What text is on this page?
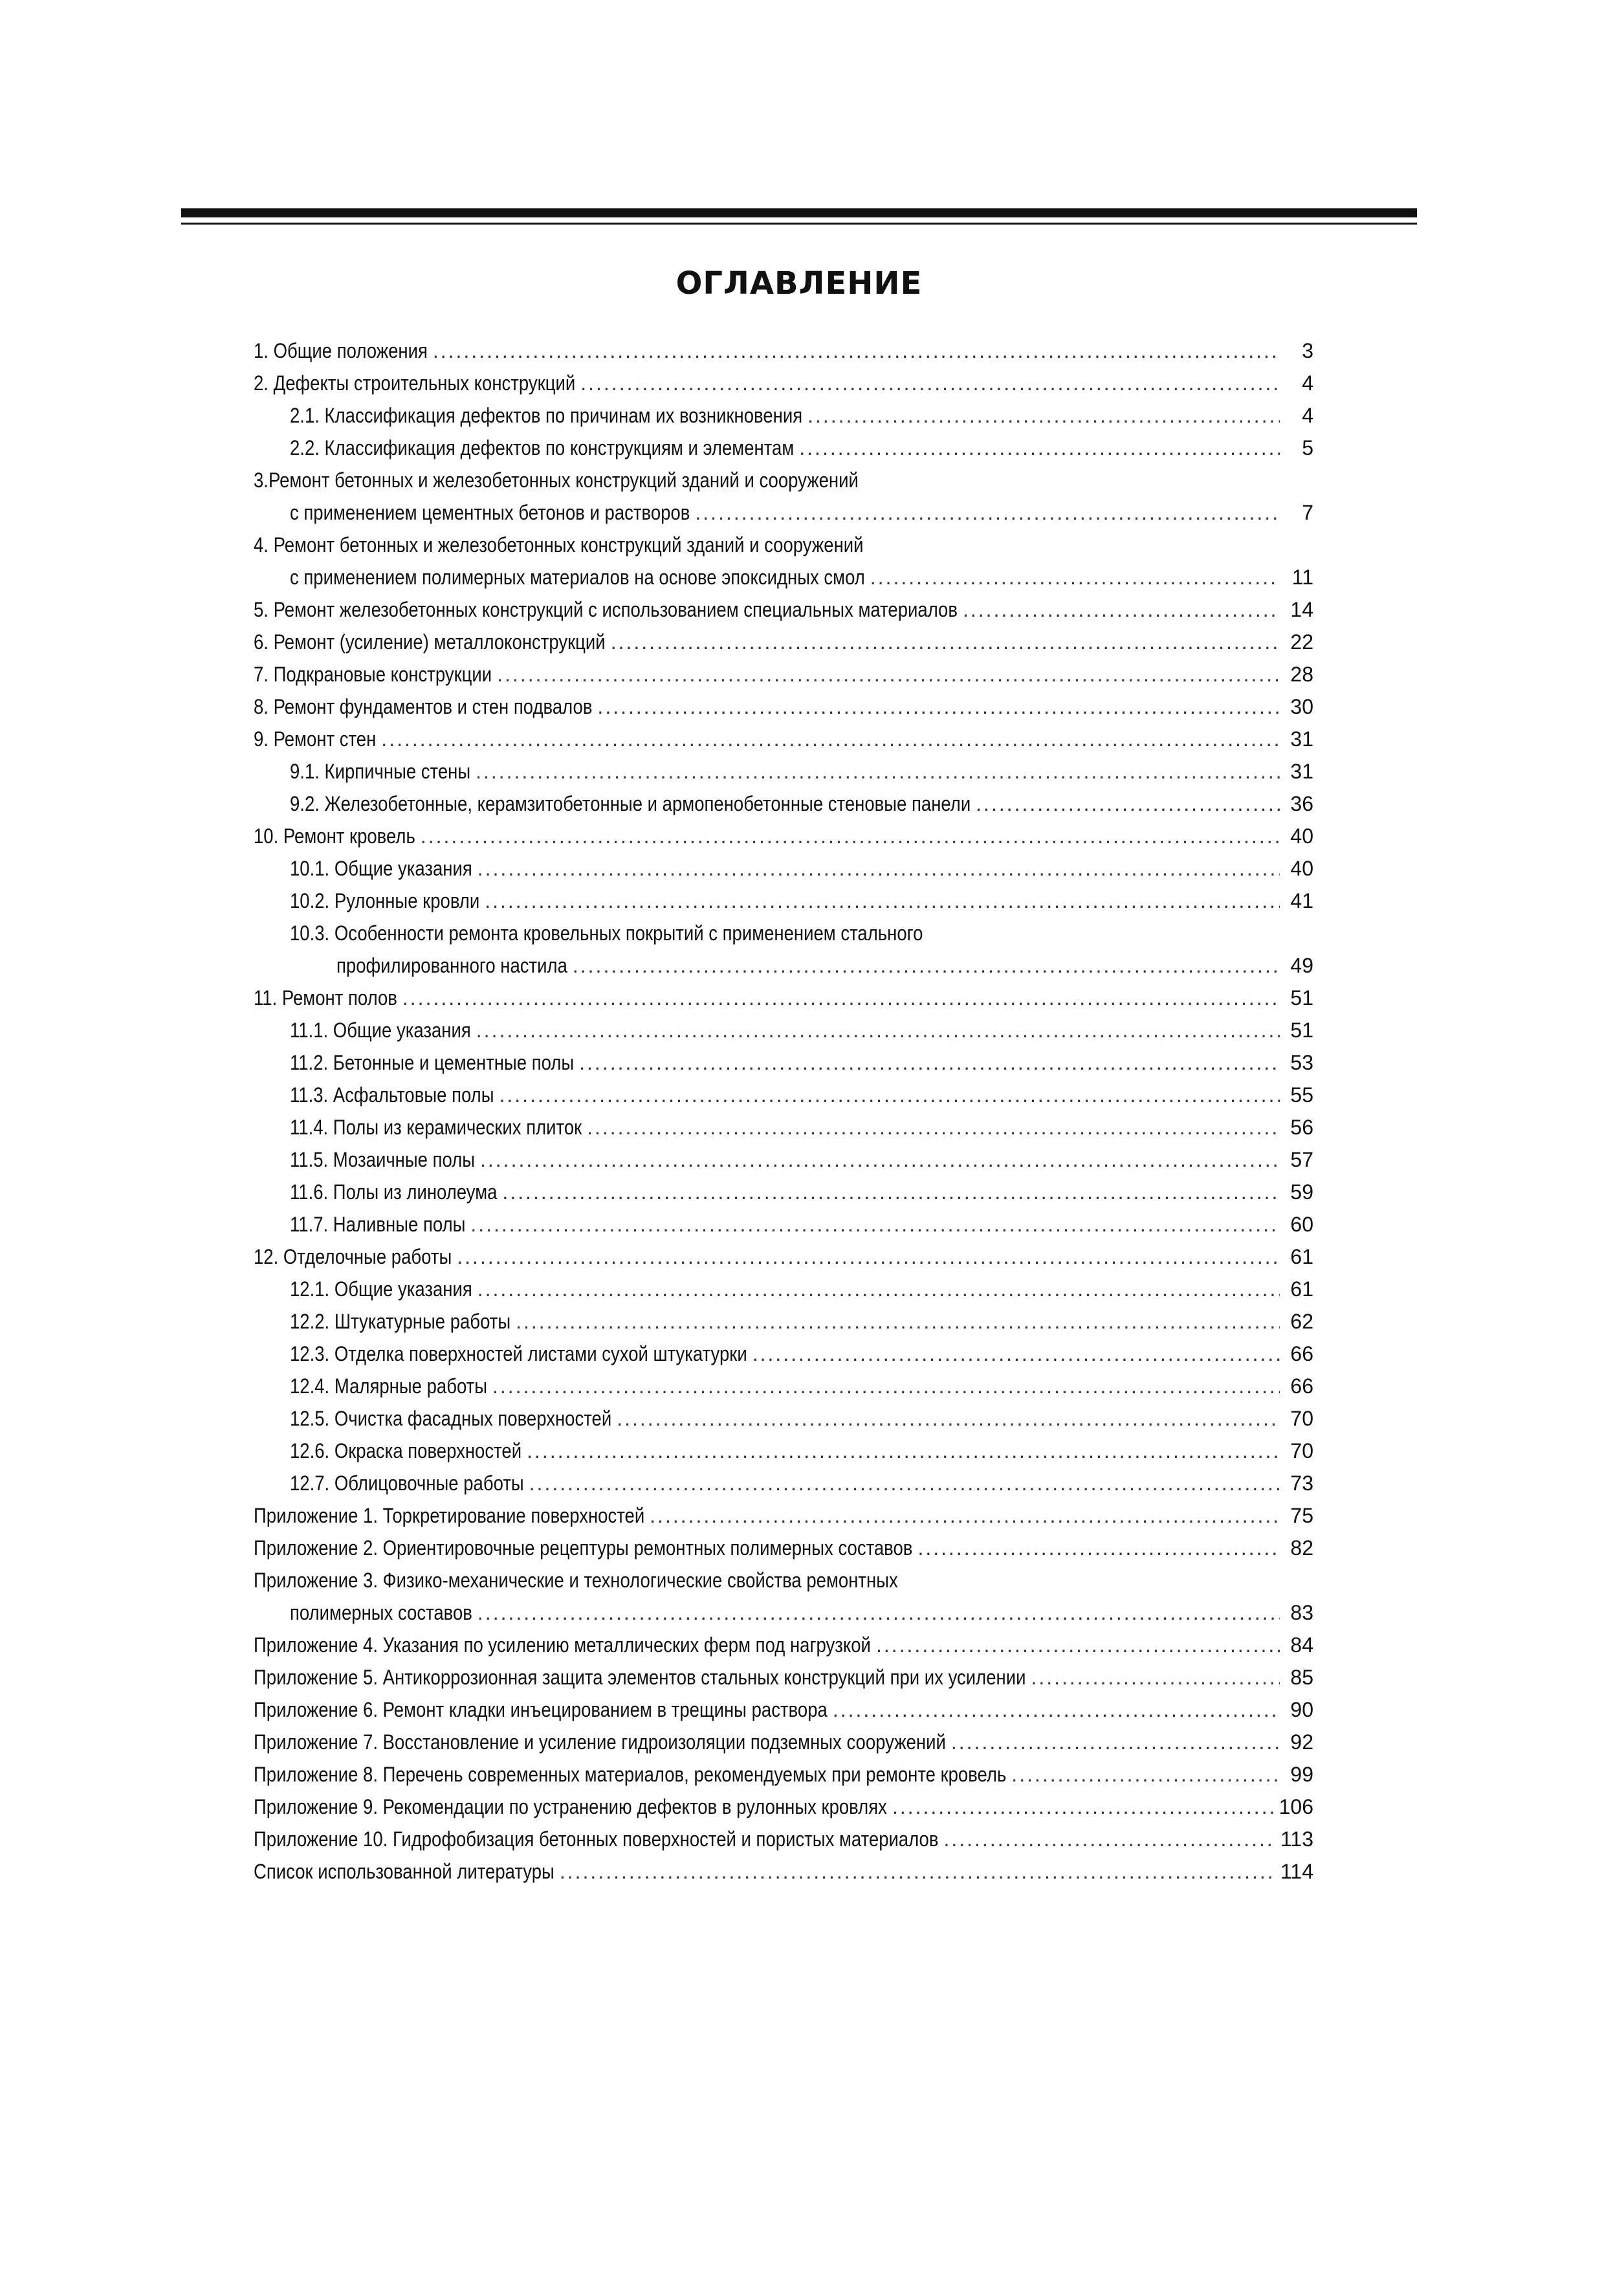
ОГЛАВЛЕНИЕ
1. Общие положения .....	3
2. Дефекты строительных конструкций .....	4
2.1. Классификация дефектов по причинам их возникновения .....	4
2.2. Классификация дефектов по конструкциям и элементам .....	5
3.Ремонт бетонных и железобетонных конструкций зданий и сооружений
с применением цементных бетонов и растворов .....	7
4. Ремонт бетонных и железобетонных конструкций зданий и сооружений
с применением полимерных материалов на основе эпоксидных смол .....	11
5. Ремонт железобетонных конструкций с использованием специальных материалов .....	14
6. Ремонт (усиление) металлоконструкций .....	22
7. Подкрановые конструкции .....	28
8. Ремонт фундаментов и стен подвалов .....	30
9. Ремонт стен .....	31
9.1. Кирпичные стены .....	31
9.2. Железобетонные, керамзитобетонные и армопенобетонные стеновые панели .....	36
10. Ремонт кровель .....	40
10.1. Общие указания .....	40
10.2. Рулонные кровли .....	41
10.3. Особенности ремонта кровельных покрытий с применением стального
профилированного настила .....	49
11. Ремонт полов .....	51
11.1. Общие указания .....	51
11.2. Бетонные и цементные полы .....	53
11.3. Асфальтовые полы .....	55
11.4. Полы из керамических плиток .....	56
11.5. Мозаичные полы .....	57
11.6. Полы из линолеума .....	59
11.7. Наливные полы .....	60
12. Отделочные работы .....	61
12.1. Общие указания .....	61
12.2. Штукатурные работы .....	62
12.3. Отделка поверхностей листами сухой штукатурки .....	66
12.4. Малярные работы .....	66
12.5. Очистка фасадных поверхностей .....	70
12.6. Окраска поверхностей .....	70
12.7. Облицовочные работы .....	73
Приложение 1. Торкретирование поверхностей .....	75
Приложение 2. Ориентировочные рецептуры ремонтных полимерных составов .....	82
Приложение 3. Физико-механические и технологические свойства ремонтных
полимерных составов .....	83
Приложение 4. Указания по усилению металлических ферм под нагрузкой .....	84
Приложение 5. Антикоррозионная защита элементов стальных конструкций при их усилении .....	85
Приложение 6. Ремонт кладки инъецированием в трещины раствора .....	90
Приложение 7. Восстановление и усиление гидроизоляции подземных сооружений .....	92
Приложение 8. Перечень современных материалов, рекомендуемых при ремонте кровель .....	99
Приложение 9. Рекомендации по устранению дефектов в рулонных кровлях .....	106
Приложение 10. Гидрофобизация бетонных поверхностей и пористых материалов .....	113
Список использованной литературы .....	114
